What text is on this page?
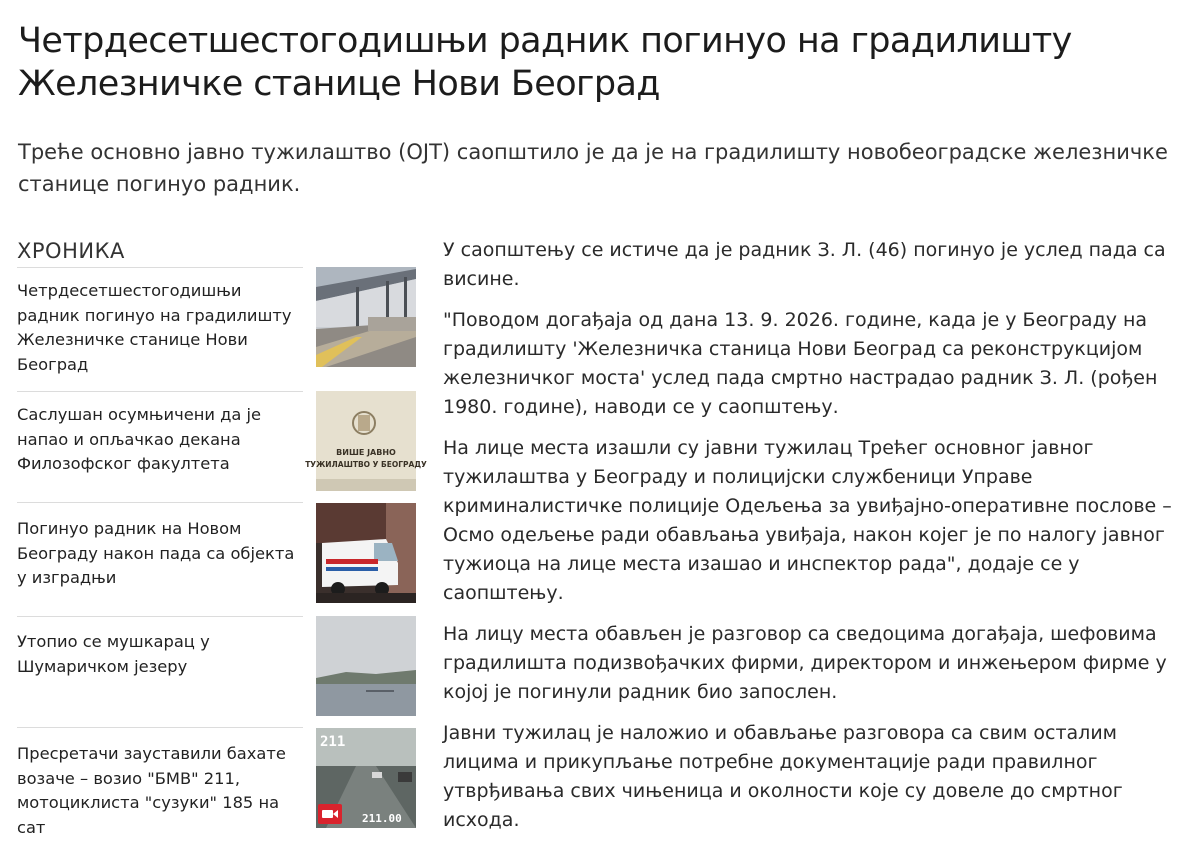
Четрдесетшестогодишњи радник погинуо на градилишту Железничке станице Нови Београд

Треће основно јавно тужилаштво (ОЈТ) саопштило је да је на градилишту новобеоградске железничке станице погинуо радник.

ХРОНИКА
Четрдесетшестогодишњи радник погинуо на градилишту Железничке станице Нови Београд
Саслушан осумњичени да је напао и опљачкао декана Филозофског факултета
ВИШЕ ЈАВНО
ТУЖИЛАШТВО У БЕОГРАДУ
Погинуо радник на Новом Београду након пада са објекта у изградњи
Утопио се мушкарац у Шумаричком језеру
Пресретачи зауставили бахате возаче – возио "БМВ" 211, мотоциклиста "сузуки" 185 на сат
211
211.00

У саопштењу се истиче да је радник З. Л. (46) погинуо је услед пада са висине.

"Поводом догађаја од дана 13. 9. 2026. године, када је у Београду на градилишту 'Железничка станица Нови Београд са реконструкцијом железничког моста' услед пада смртно настрадао радник З. Л. (рођен 1980. године), наводи се у саопштењу.

На лице места изашли су јавни тужилац Трећег основног јавног тужилаштва у Београду и полицијски службеници Управе криминалистичке полиције Одељења за увиђајно-оперативне послове – Осмо одељење ради обављања увиђаја, након којег је по налогу јавног тужиоца на лице места изашао и инспектор рада", додаје се у саопштењу.

На лицу места обављен је разговор са сведоцима догађаја, шефовима градилишта подизвођачких фирми, директором и инжењером фирме у којој је погинули радник био запослен.

Јавни тужилац је наложио и обављање разговора са свим осталим лицима и прикупљање потребне документације ради правилног утврђивања свих чињеница и околности које су довеле до смртног исхода.
